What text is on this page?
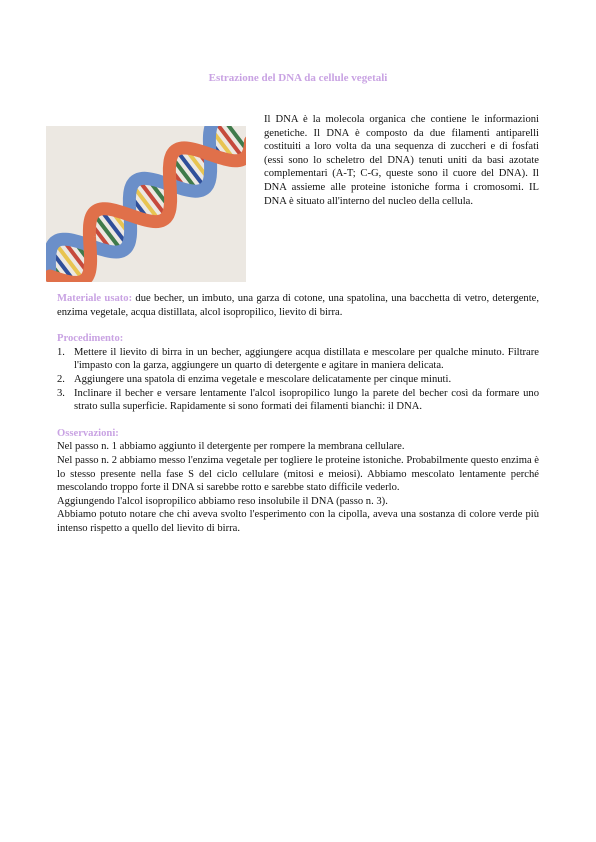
Estrazione del DNA da cellule vegetali

Il DNA è la molecola organica che contiene le informazioni genetiche. Il DNA è composto da due filamenti antiparelli costituiti a loro volta da una sequenza di zuccheri e di fosfati (essi sono lo scheletro del DNA) tenuti uniti da basi azotate complementari (A-T; C-G, queste sono il cuore del DNA). Il DNA assieme alle proteine istoniche forma i cromosomi. IL DNA è situato all'interno del nucleo della cellula.

Materiale usato: due becher, un imbuto, una garza di cotone, una spatolina, una bacchetta di vetro, detergente, enzima vegetale, acqua distillata, alcol isopropilico, lievito di birra.

Procedimento:

1. Mettere il lievito di birra in un becher, aggiungere acqua distillata e mescolare per qualche minuto. Filtrare l'impasto con la garza, aggiungere un quarto di detergente e agitare in maniera delicata.
2. Aggiungere una spatola di enzima vegetale e mescolare delicatamente per cinque minuti.
3. Inclinare il becher e versare lentamente l'alcol isopropilico lungo la parete del becher così da formare uno strato sulla superficie. Rapidamente si sono formati dei filamenti bianchi: il DNA.

Osservazioni:

Nel passo n. 1 abbiamo aggiunto il detergente per rompere la membrana cellulare.

Nel passo n. 2 abbiamo messo l'enzima vegetale per togliere le proteine istoniche. Probabilmente questo enzima è lo stesso presente nella fase S del ciclo cellulare (mitosi e meiosi). Abbiamo mescolato lentamente perché mescolando troppo forte il DNA si sarebbe rotto e sarebbe stato difficile vederlo.

Aggiungendo l'alcol isopropilico abbiamo reso insolubile il DNA (passo n. 3).

Abbiamo potuto notare che chi aveva svolto l'esperimento con la cipolla, aveva una sostanza di colore verde più intenso rispetto a quello del lievito di birra.
